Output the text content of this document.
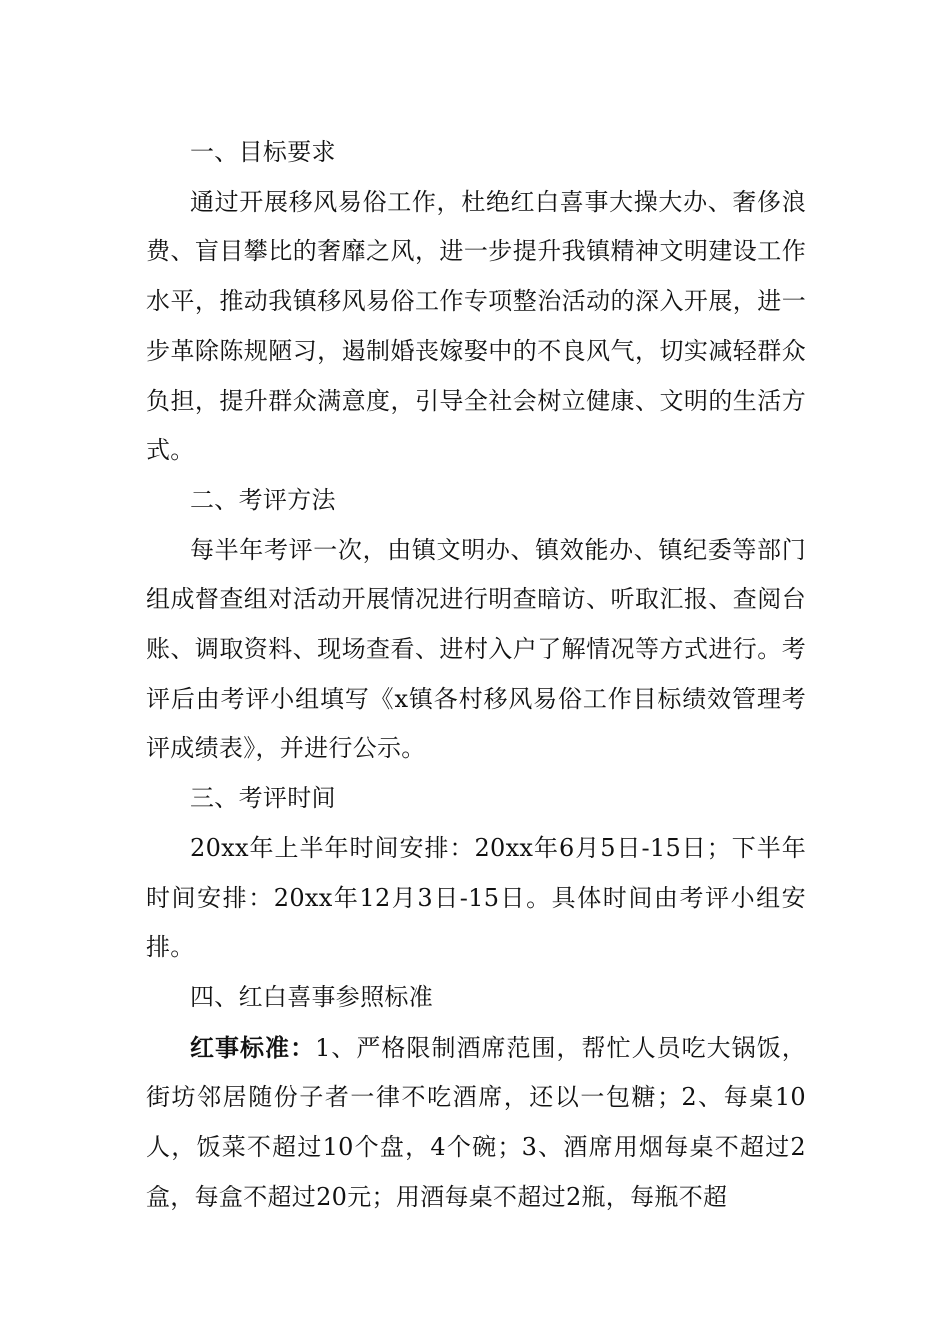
一、目标要求

通过开展移风易俗工作，杜绝红白喜事大操大办、奢侈浪费、盲目攀比的奢靡之风，进一步提升我镇精神文明建设工作水平，推动我镇移风易俗工作专项整治活动的深入开展，进一步革除陈规陋习，遏制婚丧嫁娶中的不良风气，切实减轻群众负担，提升群众满意度，引导全社会树立健康、文明的生活方式。

二、考评方法

每半年考评一次，由镇文明办、镇效能办、镇纪委等部门组成督查组对活动开展情况进行明查暗访、听取汇报、查阅台账、调取资料、现场查看、进村入户了解情况等方式进行。考评后由考评小组填写《x镇各村移风易俗工作目标绩效管理考评成绩表》，并进行公示。

三、考评时间

20xx年上半年时间安排：20xx年6月5日-15日；下半年时间安排：20xx年12月3日-15日。具体时间由考评小组安排。

四、红白喜事参照标准

红事标准：1、严格限制酒席范围，帮忙人员吃大锅饭，街坊邻居随份子者一律不吃酒席，还以一包糖；2、每桌10人，饭菜不超过10个盘，4个碗；3、酒席用烟每桌不超过2盒，每盒不超过20元；用酒每桌不超过2瓶，每瓶不超
